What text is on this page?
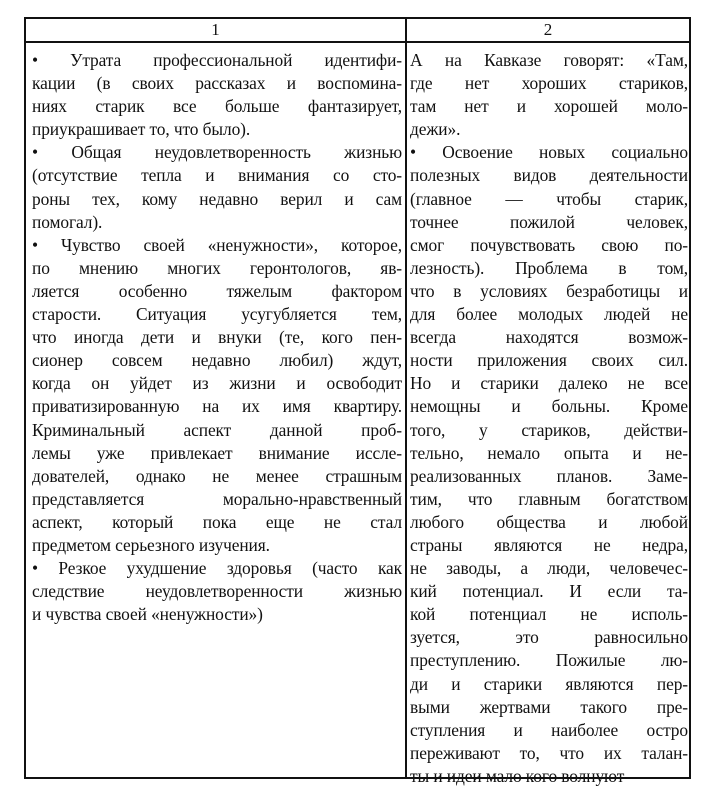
1	2
• Утрата профессиональной идентифи-
кации (в своих рассказах и воспомина-
ниях старик все больше фантазирует,
приукрашивает то, что было).
• Общая неудовлетворенность жизнью
(отсутствие тепла и внимания со сто-
роны тех, кому недавно верил и сам
помогал).
• Чувство своей «ненужности», которое,
по мнению многих геронтологов, яв-
ляется особенно тяжелым фактором
старости. Ситуация усугубляется тем,
что иногда дети и внуки (те, кого пен-
сионер совсем недавно любил) ждут,
когда он уйдет из жизни и освободит
приватизированную на их имя квартиру.
Криминальный аспект данной проб-
лемы уже привлекает внимание иссле-
дователей, однако не менее страшным
представляется морально-нравственный
аспект, который пока еще не стал
предметом серьезного изучения.
• Резкое ухудшение здоровья (часто как
следствие неудовлетворенности жизнью
и чувства своей «ненужности»)
А на Кавказе говорят: «Там,
где нет хороших стариков,
там нет и хорошей моло-
дежи».
• Освоение новых социально
полезных видов деятельности
(главное — чтобы старик,
точнее пожилой человек,
смог почувствовать свою по-
лезность). Проблема в том,
что в условиях безработицы и
для более молодых людей не
всегда находятся возмож-
ности приложения своих сил.
Но и старики далеко не все
немощны и больны. Кроме
того, у стариков, действи-
тельно, немало опыта и не-
реализованных планов. Заме-
тим, что главным богатством
любого общества и любой
страны являются не недра,
не заводы, а люди, человечес-
кий потенциал. И если та-
кой потенциал не исполь-
зуется, это равносильно
преступлению. Пожилые лю-
ди и старики являются пер-
выми жертвами такого пре-
ступления и наиболее остро
переживают то, что их талан-
ты и идеи мало кого волнуют
